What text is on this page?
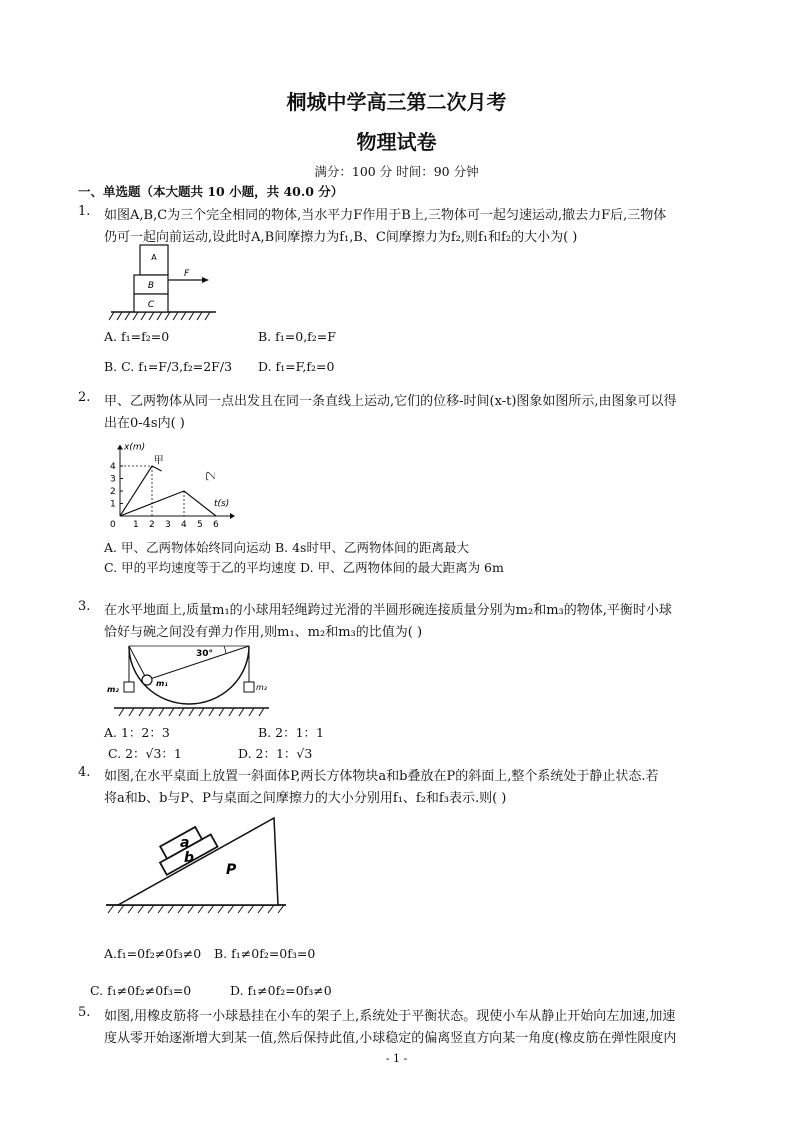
桐城中学高三第二次月考
物理试卷
满分：100 分 时间：90 分钟
一、单选题（本大题共 10 小题，共 40.0 分）
1. 如图A,B,C为三个完全相同的物体,当水平力F作用于B上,三物体可一起匀速运动,撤去力F后,三物体
仍可一起向前运动,设此时A,B间摩擦力为f₁,B、C间摩擦力为f₂,则f₁和f₂的大小为( )
A
B
C
F
A. f₁=f₂=0	B. f₁=0,f₂=F
B. C. f₁=F/3,f₂=2F/3 D. f₁=F,f₂=0
2. 甲、乙两物体从同一点出发且在同一条直线上运动,它们的位移-时间(x-t)图象如图所示,由图象可以得
出在0-4s内( )
0 1 2 3 4 5 6
1
2
3
4
甲
乙
x(m)
t(s)
A. 甲、乙两物体始终同向运动 B. 4s时甲、乙两物体间的距离最大
C. 甲的平均速度等于乙的平均速度 D. 甲、乙两物体间的最大距离为 6m
3. 在水平地面上,质量m₁的小球用轻绳跨过光滑的半圆形碗连接质量分别为m₂和m₃的物体,平衡时小球
恰好与碗之间没有弹力作用,则m₁、m₂和m₃的比值为( )
30°
m₁
m₂	m₃
A. 1：2：3	B. 2：1：1
C. 2：√3：1	D. 2：1：√3
4. 如图,在水平桌面上放置一斜面体P,两长方体物块a和b叠放在P的斜面上,整个系统处于静止状态.若
将a和b、b与P、P与桌面之间摩擦力的大小分别用f₁、f₂和f₃表示.则( )
a
b
P
A.f₁=0f₂≠0f₃≠0 B. f₁≠0f₂=0f₃=0
C. f₁≠0f₂≠0f₃=0	D. f₁≠0f₂=0f₃≠0
5. 如图,用橡皮筋将一小球悬挂在小车的架子上,系统处于平衡状态。现使小车从静止开始向左加速,加速
度从零开始逐渐增大到某一值,然后保持此值,小球稳定的偏离竖直方向某一角度(橡皮筋在弹性限度内
- 1 -
